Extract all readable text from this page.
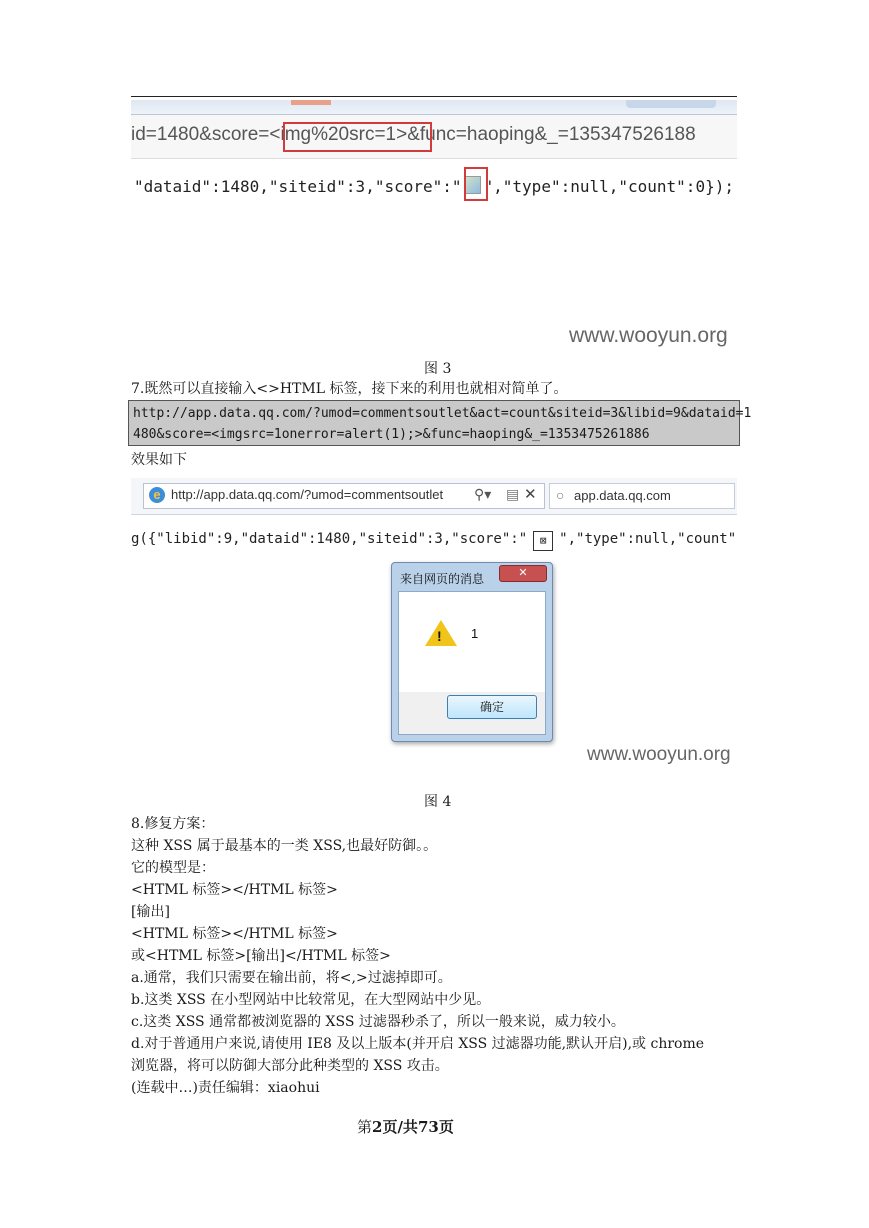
id=1480&score=<img%20src=1>&func=haoping&_=135347526188
"dataid":1480,"siteid":3,"score":" ","type":null,"count":0});
www.wooyun.org
图 3
7.既然可以直接输入<>HTML 标签，接下来的利用也就相对简单了。
http://app.data.qq.com/?umod=commentsoutlet&act=count&siteid=3&libid=9&dataid=1
480&score=<imgsrc=1onerror=alert(1);>&func=haoping&_=1353475261886
效果如下
e http://app.data.qq.com/?umod=commentsoutlet ⚲▾ ▤ ✕ ○ app.data.qq.com
g({"libid":9,"dataid":1480,"siteid":3,"score":" ⊠ ","type":null,"count"
来自网页的消息	✕
! 1
确定
www.wooyun.org
图 4
8.修复方案：
这种 XSS 属于最基本的一类 XSS,也最好防御。。
它的模型是：
<HTML 标签></HTML 标签>
[输出]
<HTML 标签></HTML 标签>
或<HTML 标签>[输出]</HTML 标签>
a.通常，我们只需要在输出前，将<,>过滤掉即可。
b.这类 XSS 在小型网站中比较常见，在大型网站中少见。
c.这类 XSS 通常都被浏览器的 XSS 过滤器秒杀了，所以一般来说，威力较小。
d.对于普通用户来说,请使用 IE8 及以上版本(并开启 XSS 过滤器功能,默认开启),或 chrome
浏览器，将可以防御大部分此种类型的 XSS 攻击。
(连载中…)责任编辑：xiaohui
第2页/共73页
